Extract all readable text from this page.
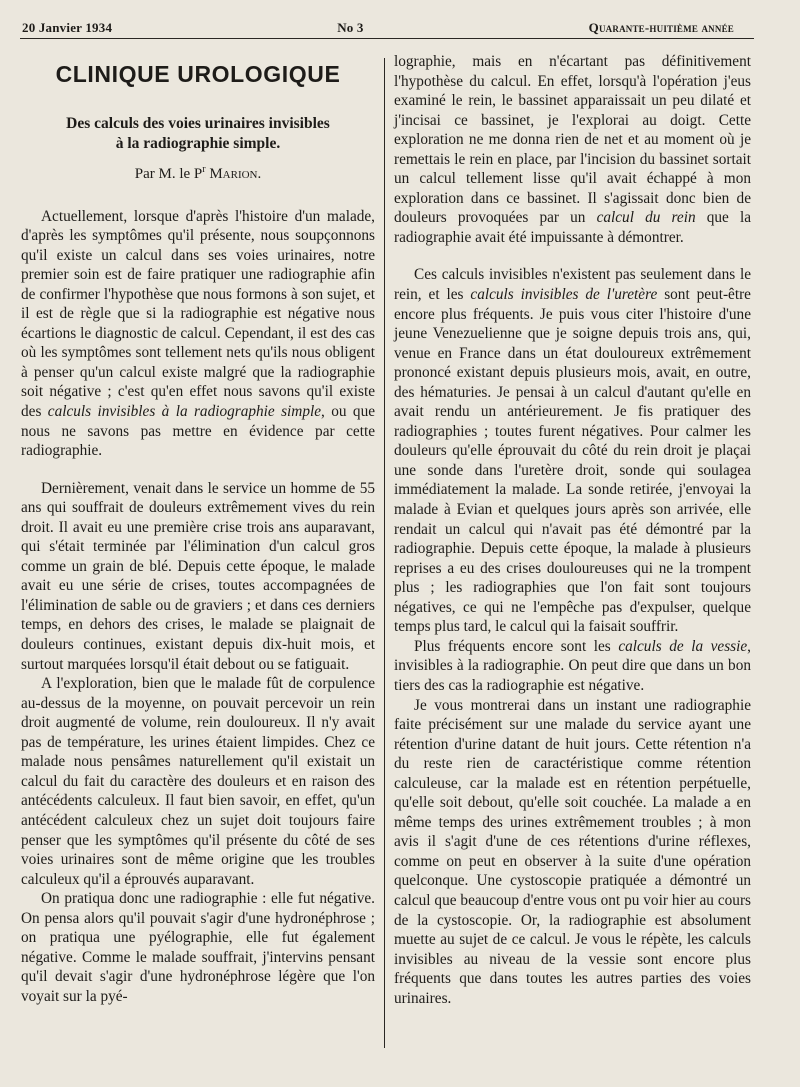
20 Janvier 1934	No 3	Quarante-huitième année
CLINIQUE UROLOGIQUE
Des calculs des voies urinaires invisibles
à la radiographie simple.
Par M. le $P^r$ Marion.

Actuellement, lorsque d'après l'histoire d'un malade, d'après les symptômes qu'il présente, nous soupçonnons qu'il existe un calcul dans ses voies urinaires, notre premier soin est de faire pratiquer une radiographie afin de confirmer l'hypothèse que nous formons à son sujet, et il est de règle que si la radiographie est négative nous écartions le diagnostic de calcul. Cependant, il est des cas où les symptômes sont tellement nets qu'ils nous obligent à penser qu'un calcul existe malgré que la radiographie soit négative ; c'est qu'en effet nous savons qu'il existe des calculs invisibles à la radiographie simple, ou que nous ne savons pas mettre en évidence par cette radiographie.

Dernièrement, venait dans le service un homme de 55 ans qui souffrait de douleurs extrêmement vives du rein droit. Il avait eu une première crise trois ans auparavant, qui s'était terminée par l'élimination d'un calcul gros comme un grain de blé. Depuis cette époque, le malade avait eu une série de crises, toutes accompagnées de l'élimination de sable ou de graviers ; et dans ces derniers temps, en dehors des crises, le malade se plaignait de douleurs continues, existant depuis dix-huit mois, et surtout marquées lorsqu'il était debout ou se fatiguait.

A l'exploration, bien que le malade fût de corpulence au-dessus de la moyenne, on pouvait percevoir un rein droit augmenté de volume, rein douloureux. Il n'y avait pas de température, les urines étaient limpides. Chez ce malade nous pensâmes naturellement qu'il existait un calcul du fait du caractère des douleurs et en raison des antécédents calculeux. Il faut bien savoir, en effet, qu'un antécédent calculeux chez un sujet doit toujours faire penser que les symptômes qu'il présente du côté de ses voies urinaires sont de même origine que les troubles calculeux qu'il a éprouvés auparavant.

On pratiqua donc une radiographie : elle fut négative. On pensa alors qu'il pouvait s'agir d'une hydronéphrose ; on pratiqua une pyélographie, elle fut également négative. Comme le malade souffrait, j'intervins pensant qu'il devait s'agir d'une hydronéphrose légère que l'on voyait sur la pyé-

lographie, mais en n'écartant pas définitivement l'hypothèse du calcul. En effet, lorsqu'à l'opération j'eus examiné le rein, le bassinet apparaissait un peu dilaté et j'incisai ce bassinet, je l'explorai au doigt. Cette exploration ne me donna rien de net et au moment où je remettais le rein en place, par l'incision du bassinet sortait un calcul tellement lisse qu'il avait échappé à mon exploration dans ce bassinet. Il s'agissait donc bien de douleurs provoquées par un calcul du rein que la radiographie avait été impuissante à démontrer.

Ces calculs invisibles n'existent pas seulement dans le rein, et les calculs invisibles de l'uretère sont peut-être encore plus fréquents. Je puis vous citer l'histoire d'une jeune Venezuelienne que je soigne depuis trois ans, qui, venue en France dans un état douloureux extrêmement prononcé existant depuis plusieurs mois, avait, en outre, des hématuries. Je pensai à un calcul d'autant qu'elle en avait rendu un antérieurement. Je fis pratiquer des radiographies ; toutes furent négatives. Pour calmer les douleurs qu'elle éprouvait du côté du rein droit je plaçai une sonde dans l'uretère droit, sonde qui soulagea immédiatement la malade. La sonde retirée, j'envoyai la malade à Evian et quelques jours après son arrivée, elle rendait un calcul qui n'avait pas été démontré par la radiographie. Depuis cette époque, la malade à plusieurs reprises a eu des crises douloureuses qui ne la trompent plus ; les radiographies que l'on fait sont toujours négatives, ce qui ne l'empêche pas d'expulser, quelque temps plus tard, le calcul qui la faisait souffrir.

Plus fréquents encore sont les calculs de la vessie, invisibles à la radiographie. On peut dire que dans un bon tiers des cas la radiographie est négative.

Je vous montrerai dans un instant une radiographie faite précisément sur une malade du service ayant une rétention d'urine datant de huit jours. Cette rétention n'a du reste rien de caractéristique comme rétention calculeuse, car la malade est en rétention perpétuelle, qu'elle soit debout, qu'elle soit couchée. La malade a en même temps des urines extrêmement troubles ; à mon avis il s'agit d'une de ces rétentions d'urine réflexes, comme on peut en observer à la suite d'une opération quelconque. Une cystoscopie pratiquée a démontré un calcul que beaucoup d'entre vous ont pu voir hier au cours de la cystoscopie. Or, la radiographie est absolument muette au sujet de ce calcul. Je vous le répète, les calculs invisibles au niveau de la vessie sont encore plus fréquents que dans toutes les autres parties des voies urinaires.
